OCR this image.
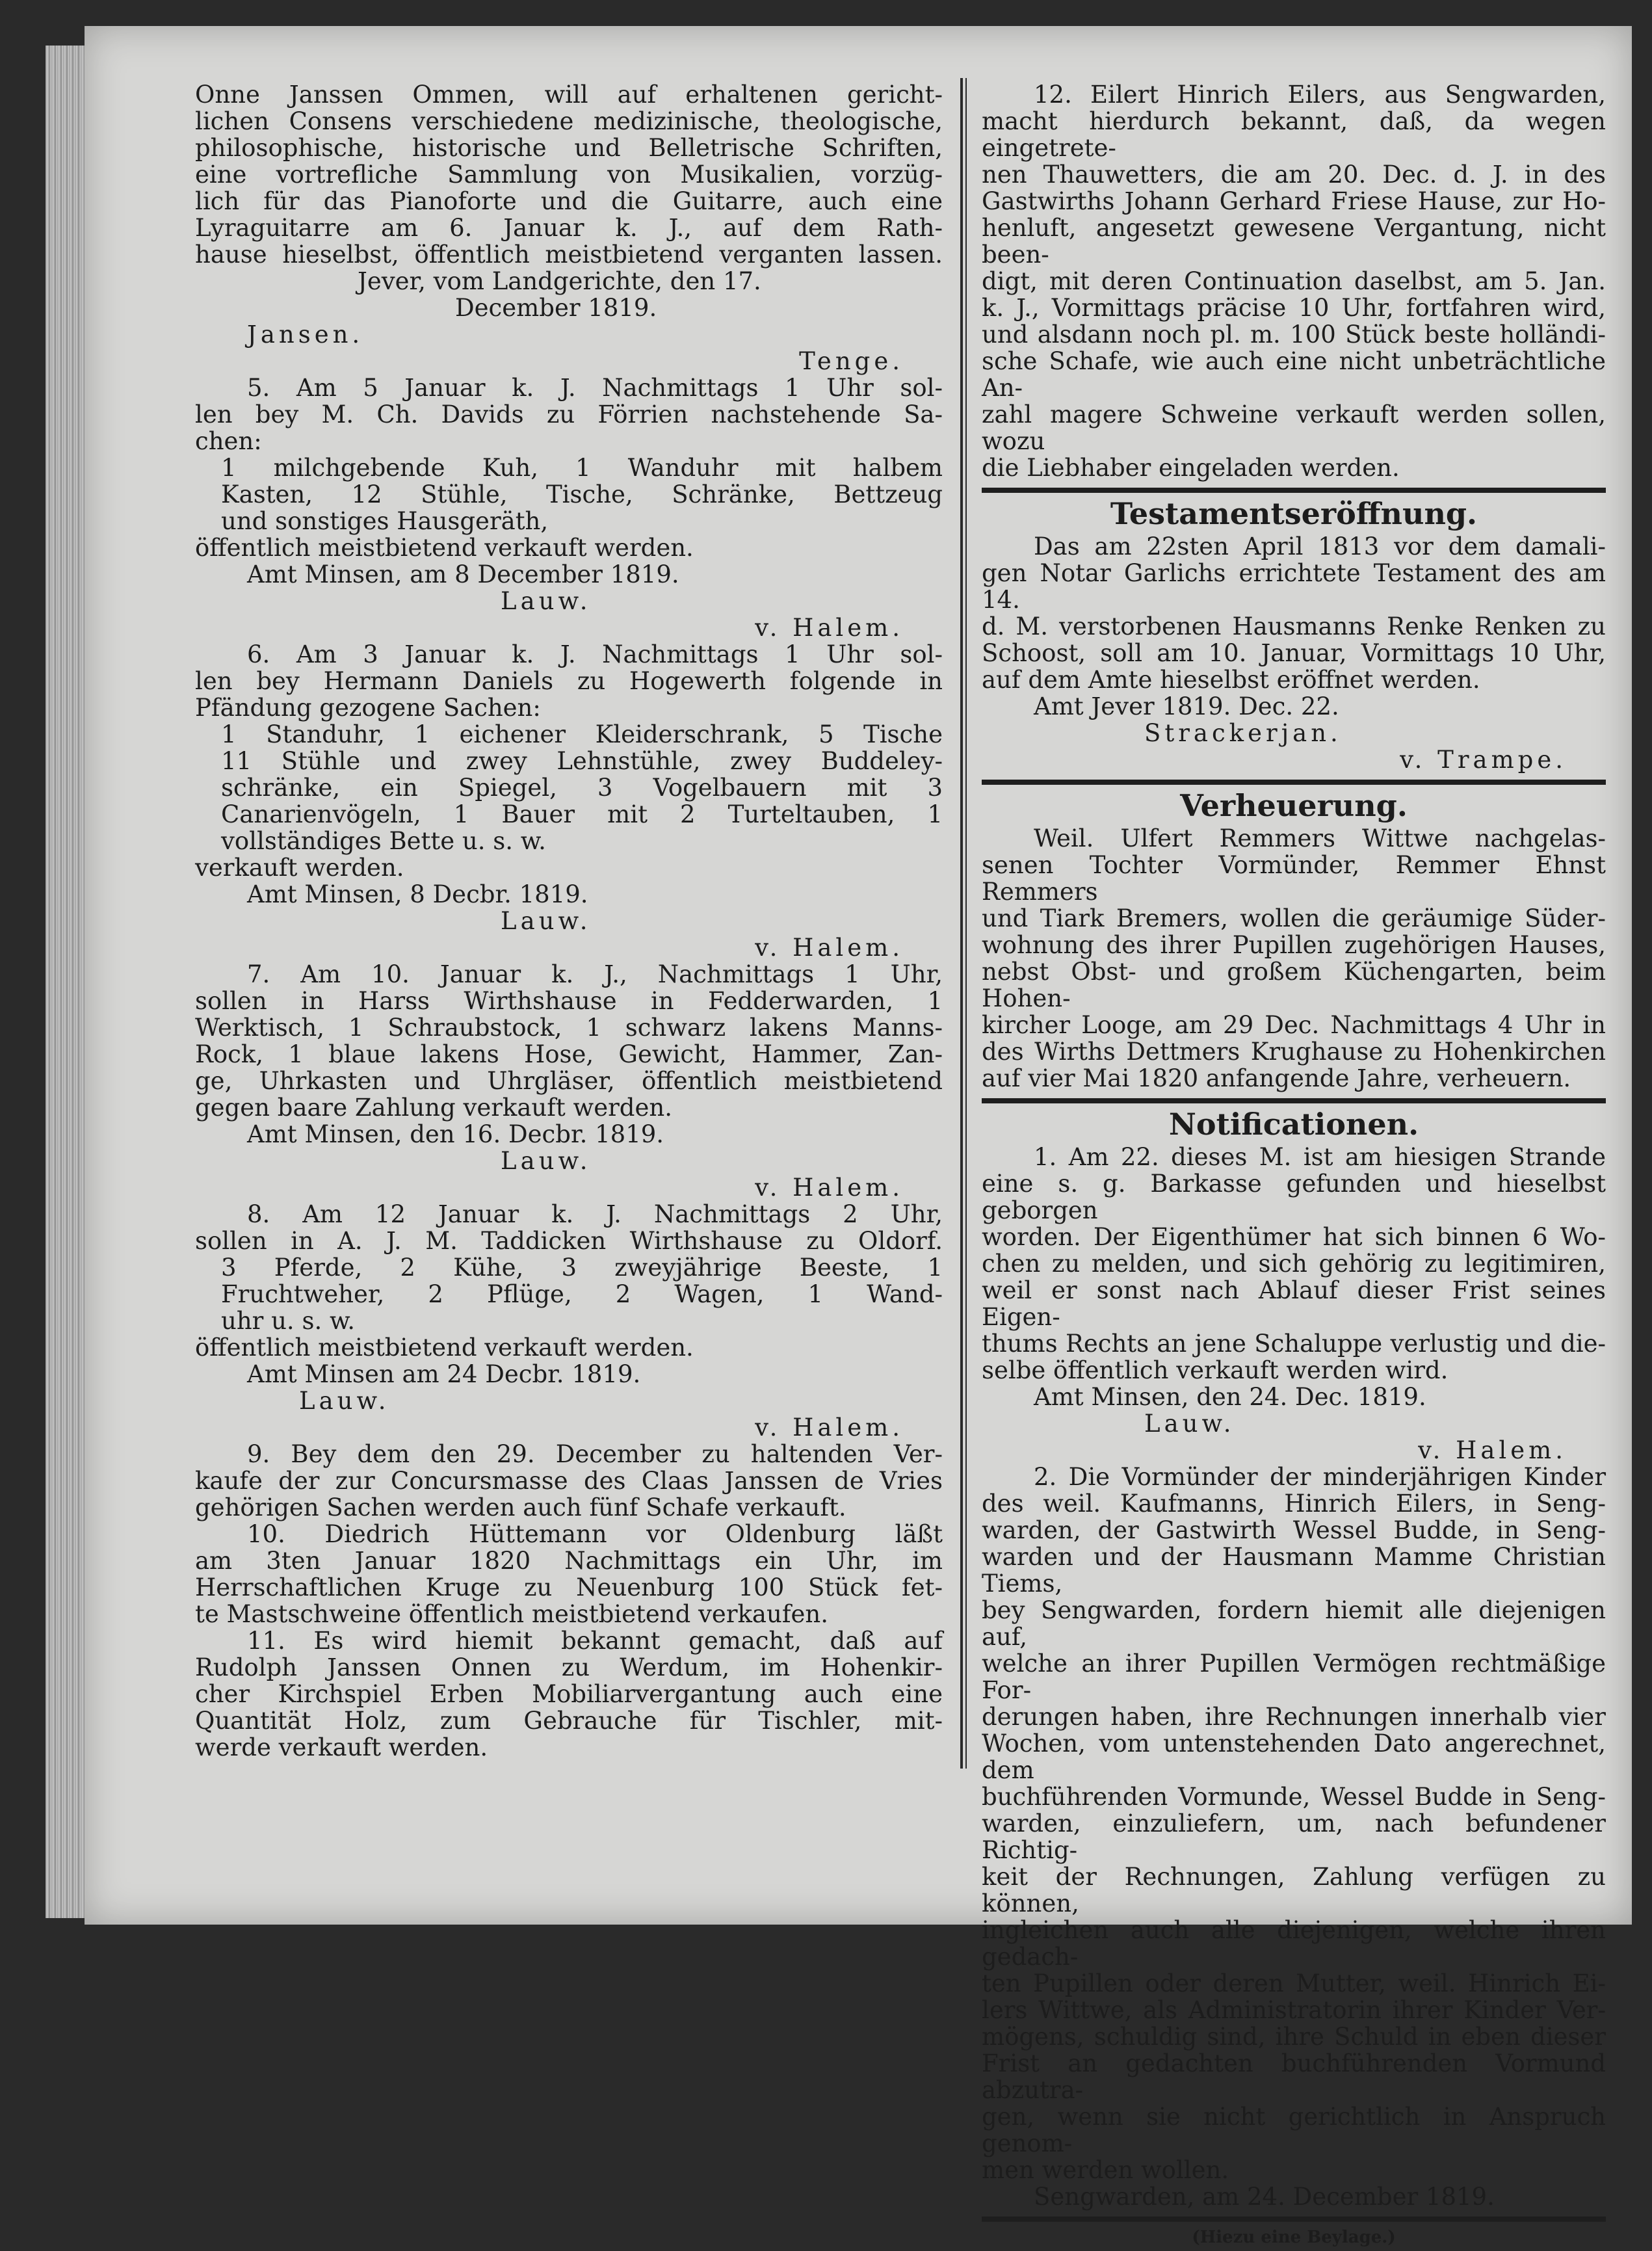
Onne Janssen Ommen, will auf erhaltenen gericht-

lichen Consens verschiedene medizinische, theologische,

philosophische, historische und Belletrische Schriften,

eine vortrefliche Sammlung von Musikalien, vorzüg-

lich für das Pianoforte und die Guitarre, auch eine

Lyraguitarre am 6. Januar k. J., auf dem Rath-

hause hieselbst, öffentlich meistbietend verganten lassen.

Jever, vom Landgerichte, den 17.

December 1819.

Jansen.

Tenge.

5. Am 5 Januar k. J. Nachmittags 1 Uhr sol-

len bey M. Ch. Davids zu Förrien nachstehende Sa-

chen:

1 milchgebende Kuh, 1 Wanduhr mit halbem

Kasten, 12 Stühle, Tische, Schränke, Bettzeug

und sonstiges Hausgeräth,

öffentlich meistbietend verkauft werden.

Amt Minsen, am 8 December 1819.

Lauw.

v. Halem.

6. Am 3 Januar k. J. Nachmittags 1 Uhr sol-

len bey Hermann Daniels zu Hogewerth folgende in

Pfändung gezogene Sachen:

1 Standuhr, 1 eichener Kleiderschrank, 5 Tische

11 Stühle und zwey Lehnstühle, zwey Buddeley-

schränke, ein Spiegel, 3 Vogelbauern mit 3

Canarienvögeln, 1 Bauer mit 2 Turteltauben, 1

vollständiges Bette u. s. w.

verkauft werden.

Amt Minsen, 8 Decbr. 1819.

Lauw.

v. Halem.

7. Am 10. Januar k. J., Nachmittags 1 Uhr,

sollen in Harss Wirthshause in Fedderwarden, 1

Werktisch, 1 Schraubstock, 1 schwarz lakens Manns-

Rock, 1 blaue lakens Hose, Gewicht, Hammer, Zan-

ge, Uhrkasten und Uhrgläser, öffentlich meistbietend

gegen baare Zahlung verkauft werden.

Amt Minsen, den 16. Decbr. 1819.

Lauw.

v. Halem.

8. Am 12 Januar k. J. Nachmittags 2 Uhr,

sollen in A. J. M. Taddicken Wirthshause zu Oldorf.

3 Pferde, 2 Kühe, 3 zweyjährige Beeste, 1

Fruchtweher, 2 Pflüge, 2 Wagen, 1 Wand-

uhr u. s. w.

öffentlich meistbietend verkauft werden.

Amt Minsen am 24 Decbr. 1819.

Lauw.

v. Halem.

9. Bey dem den 29. December zu haltenden Ver-

kaufe der zur Concursmasse des Claas Janssen de Vries

gehörigen Sachen werden auch fünf Schafe verkauft.

10. Diedrich Hüttemann vor Oldenburg läßt

am 3ten Januar 1820 Nachmittags ein Uhr, im

Herrschaftlichen Kruge zu Neuenburg 100 Stück fet-

te Mastschweine öffentlich meistbietend verkaufen.

11. Es wird hiemit bekannt gemacht, daß auf

Rudolph Janssen Onnen zu Werdum, im Hohenkir-

cher Kirchspiel Erben Mobiliarvergantung auch eine

Quantität Holz, zum Gebrauche für Tischler, mit-

werde verkauft werden.

12. Eilert Hinrich Eilers, aus Sengwarden,

macht hierdurch bekannt, daß, da wegen eingetrete-

nen Thauwetters, die am 20. Dec. d. J. in des

Gastwirths Johann Gerhard Friese Hause, zur Ho-

henluft, angesetzt gewesene Vergantung, nicht been-

digt, mit deren Continuation daselbst, am 5. Jan.

k. J., Vormittags präcise 10 Uhr, fortfahren wird,

und alsdann noch pl. m. 100 Stück beste holländi-

sche Schafe, wie auch eine nicht unbeträchtliche An-

zahl magere Schweine verkauft werden sollen, wozu

die Liebhaber eingeladen werden.

Testamentseröffnung.

Das am 22sten April 1813 vor dem damali-

gen Notar Garlichs errichtete Testament des am 14.

d. M. verstorbenen Hausmanns Renke Renken zu

Schoost, soll am 10. Januar, Vormittags 10 Uhr,

auf dem Amte hieselbst eröffnet werden.

Amt Jever 1819. Dec. 22.

Strackerjan.

v. Trampe.

Verheuerung.

Weil. Ulfert Remmers Wittwe nachgelas-

senen Tochter Vormünder, Remmer Ehnst Remmers

und Tiark Bremers, wollen die geräumige Süder-

wohnung des ihrer Pupillen zugehörigen Hauses,

nebst Obst- und großem Küchengarten, beim Hohen-

kircher Looge, am 29 Dec. Nachmittags 4 Uhr in

des Wirths Dettmers Krughause zu Hohenkirchen

auf vier Mai 1820 anfangende Jahre, verheuern.

Notificationen.

1. Am 22. dieses M. ist am hiesigen Strande

eine s. g. Barkasse gefunden und hieselbst geborgen

worden. Der Eigenthümer hat sich binnen 6 Wo-

chen zu melden, und sich gehörig zu legitimiren,

weil er sonst nach Ablauf dieser Frist seines Eigen-

thums Rechts an jene Schaluppe verlustig und die-

selbe öffentlich verkauft werden wird.

Amt Minsen, den 24. Dec. 1819.

Lauw.

v. Halem.

2. Die Vormünder der minderjährigen Kinder

des weil. Kaufmanns, Hinrich Eilers, in Seng-

warden, der Gastwirth Wessel Budde, in Seng-

warden und der Hausmann Mamme Christian Tiems,

bey Sengwarden, fordern hiemit alle diejenigen auf,

welche an ihrer Pupillen Vermögen rechtmäßige For-

derungen haben, ihre Rechnungen innerhalb vier

Wochen, vom untenstehenden Dato angerechnet, dem

buchführenden Vormunde, Wessel Budde in Seng-

warden, einzuliefern, um, nach befundener Richtig-

keit der Rechnungen, Zahlung verfügen zu können,

ingleichen auch alle diejenigen, welche ihren gedach-

ten Pupillen oder deren Mutter, weil. Hinrich Ei-

lers Wittwe, als Administratorin ihrer Kinder Ver-

mögens, schuldig sind, ihre Schuld in eben dieser

Frist an gedachten buchführenden Vormund abzutra-

gen, wenn sie nicht gerichtlich in Anspruch genom-

men werden wollen.

Sengwarden, am 24. December 1819.

(Hiezu eine Beylage.)
